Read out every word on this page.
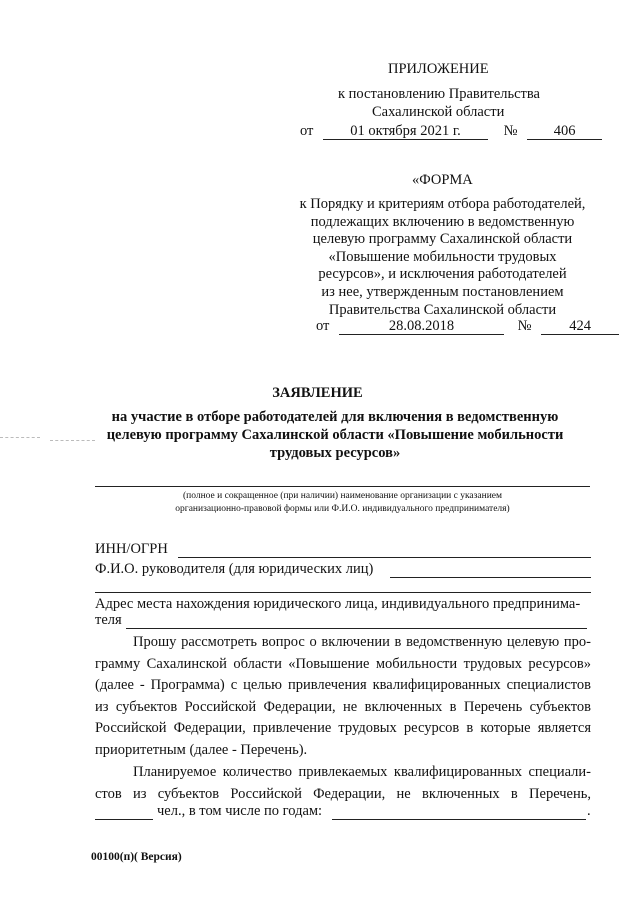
ПРИЛОЖЕНИЕ
к постановлению Правительства
Сахалинской области
от	01 октября 2021 г.	№	406
«ФОРМА
к Порядку и критериям отбора работодателей,
подлежащих включению в ведомственную
целевую программу Сахалинской области
«Повышение мобильности трудовых
ресурсов», и исключения работодателей
из нее, утвержденным постановлением
Правительства Сахалинской области
от	28.08.2018	№	424
ЗАЯВЛЕНИЕ
на участие в отборе работодателей для включения в ведомственную
целевую программу Сахалинской области «Повышение мобильности
трудовых ресурсов»
(полное и сокращенное (при наличии) наименование организации с указанием
организационно-правовой формы или Ф.И.О. индивидуального предпринимателя)
ИНН/ОГРН
Ф.И.О. руководителя (для юридических лиц)
Адрес места нахождения юридического лица, индивидуального предпринима-
теля
Прошу рассмотреть вопрос о включении в ведомственную целевую про-
грамму Сахалинской области «Повышение мобильности трудовых ресурсов»
(далее - Программа) с целью привлечения квалифицированных специалистов
из субъектов Российской Федерации, не включенных в Перечень субъектов
Российской Федерации, привлечение трудовых ресурсов в которые является
приоритетным (далее - Перечень).
Планируемое количество привлекаемых квалифицированных специали-
стов из субъектов Российской Федерации, не включенных в Перечень,
чел., в том числе по годам:	.
00100(п)( Версия)
